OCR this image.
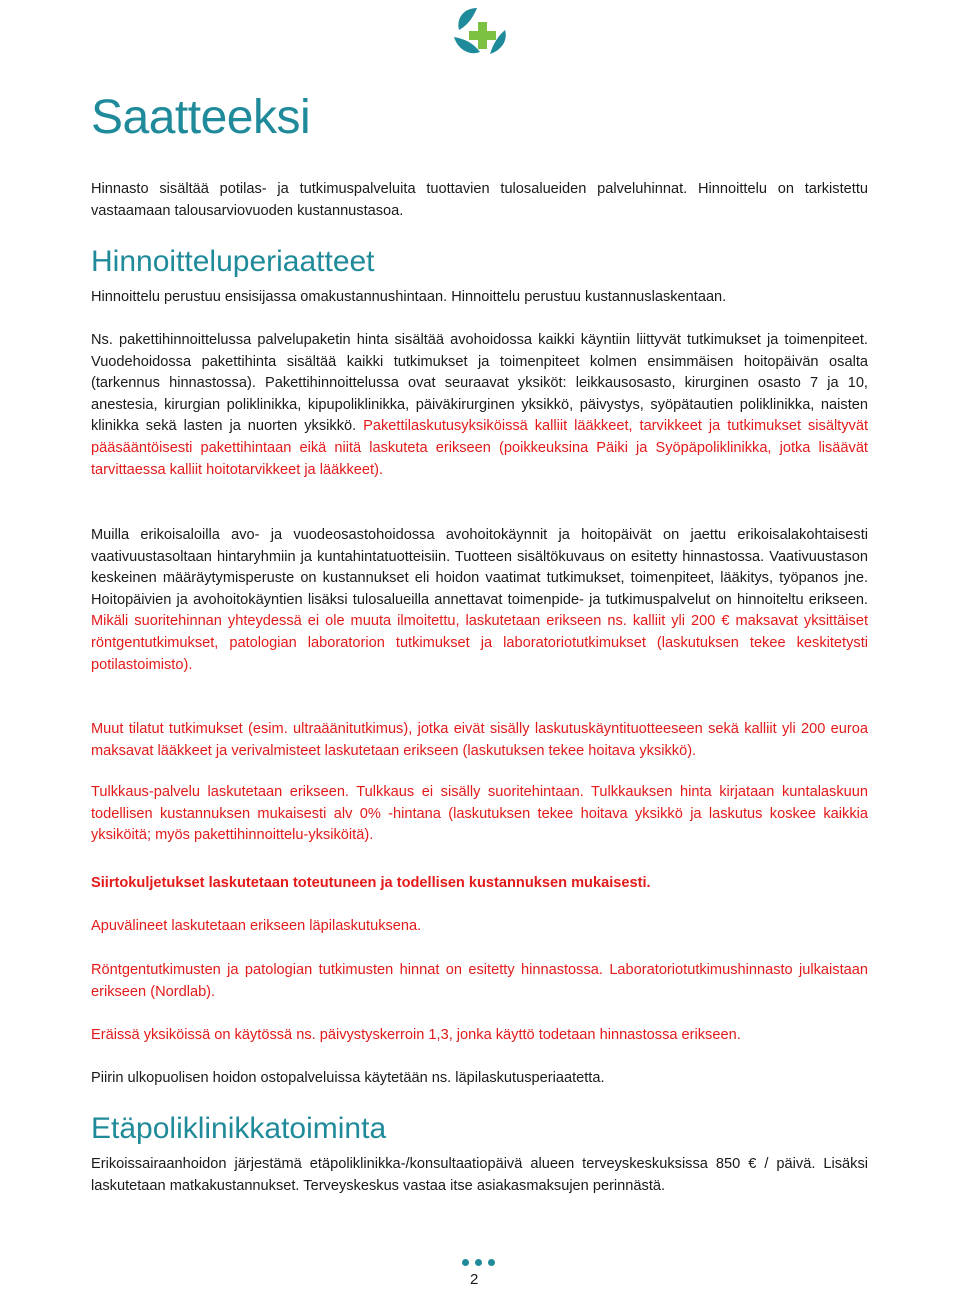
Saatteeksi

Hinnasto sisältää potilas- ja tutkimuspalveluita tuottavien tulosalueiden palveluhinnat. Hinnoittelu on tarkistettu vastaamaan talousarviovuoden kustannustasoa.

Hinnoitteluperiaatteet

Hinnoittelu perustuu ensisijassa omakustannushintaan. Hinnoittelu perustuu kustannuslaskentaan.

Ns. pakettihinnoittelussa palvelupaketin hinta sisältää avohoidossa kaikki käyntiin liittyvät tutkimukset ja toimenpiteet. Vuodehoidossa pakettihinta sisältää kaikki tutkimukset ja toimenpiteet kolmen ensimmäisen hoitopäivän osalta (tarkennus hinnastossa). Pakettihinnoittelussa ovat seuraavat yksiköt: leikkausosasto, kirurginen osasto 7 ja 10, anestesia, kirurgian poliklinikka, kipupoliklinikka, päiväkirurginen yksikkö, päivystys, syöpätautien poliklinikka, naisten klinikka sekä lasten ja nuorten yksikkö. Pakettilaskutusyksiköissä kalliit lääkkeet, tarvikkeet ja tutkimukset sisältyvät pääsääntöisesti pakettihintaan eikä niitä laskuteta erikseen (poikkeuksina Päiki ja Syöpäpoliklinikka, jotka lisäävät tarvittaessa kalliit hoitotarvikkeet ja lääkkeet).

Muilla erikoisaloilla avo- ja vuodeosastohoidossa avohoitokäynnit ja hoitopäivät on jaettu erikoisalakohtaisesti vaativuustasoltaan hintaryhmiin ja kuntahintatuotteisiin. Tuotteen sisältökuvaus on esitetty hinnastossa. Vaativuustason keskeinen määräytymisperuste on kustannukset eli hoidon vaatimat tutkimukset, toimenpiteet, lääkitys, työpanos jne. Hoitopäivien ja avohoitokäyntien lisäksi tulosalueilla annettavat toimenpide- ja tutkimuspalvelut on hinnoiteltu erikseen. Mikäli suoritehinnan yhteydessä ei ole muuta ilmoitettu, laskutetaan erikseen ns. kalliit yli 200 € maksavat yksittäiset röntgentutkimukset, patologian laboratorion tutkimukset ja laboratoriotutkimukset (laskutuksen tekee keskitetysti potilastoimisto).

Muut tilatut tutkimukset (esim. ultraäänitutkimus), jotka eivät sisälly laskutuskäyntituotteeseen sekä kalliit yli 200 euroa maksavat lääkkeet ja verivalmisteet laskutetaan erikseen (laskutuksen tekee hoitava yksikkö).

Tulkkaus-palvelu laskutetaan erikseen. Tulkkaus ei sisälly suoritehintaan. Tulkkauksen hinta kirjataan kuntalaskuun todellisen kustannuksen mukaisesti alv 0% -hintana (laskutuksen tekee hoitava yksikkö ja laskutus koskee kaikkia yksiköitä; myös pakettihinnoittelu-yksiköitä).

Siirtokuljetukset laskutetaan toteutuneen ja todellisen kustannuksen mukaisesti.

Apuvälineet laskutetaan erikseen läpilaskutuksena.

Röntgentutkimusten ja patologian tutkimusten hinnat on esitetty hinnastossa. Laboratoriotutkimushinnasto julkaistaan erikseen (Nordlab).

Eräissä yksiköissä on käytössä ns. päivystyskerroin 1,3, jonka käyttö todetaan hinnastossa erikseen.

Piirin ulkopuolisen hoidon ostopalveluissa käytetään ns. läpilaskutusperiaatetta.

Etäpoliklinikkatoiminta

Erikoissairaanhoidon järjestämä etäpoliklinikka-/konsultaatiopäivä alueen terveyskeskuksissa 850 € / päivä. Lisäksi laskutetaan matkakustannukset. Terveyskeskus vastaa itse asiakasmaksujen perinnästä.

2
